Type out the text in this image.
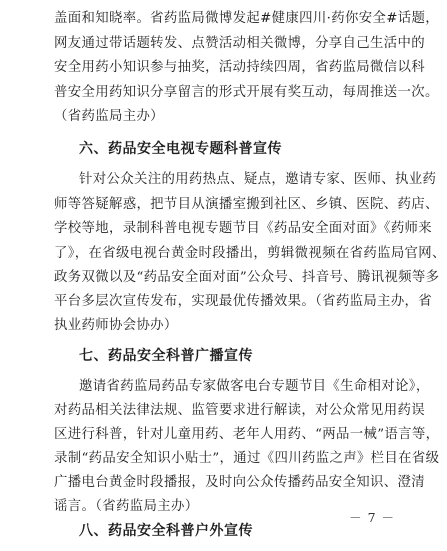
盖面和知晓率。省药监局微博发起#健康四川·药你安全#话题，
网友通过带话题转发、点赞活动相关微博，分享自己生活中的
安全用药小知识参与抽奖，活动持续四周，省药监局微信以科
普安全用药知识分享留言的形式开展有奖互动，每周推送一次。
（省药监局主办）
六、药品安全电视专题科普宣传
针对公众关注的用药热点、疑点，邀请专家、医师、执业药
师等答疑解惑，把节目从演播室搬到社区、乡镇、医院、药店、
学校等地，录制科普电视专题节目《药品安全面对面》《药师来
了》，在省级电视台黄金时段播出，剪辑微视频在省药监局官网、
政务双微以及“药品安全面对面”公众号、抖音号、腾讯视频等多
平台多层次宣传发布，实现最优传播效果。（省药监局主办，省
执业药师协会协办）
七、药品安全科普广播宣传
邀请省药监局药品专家做客电台专题节目《生命相对论》，
对药品相关法律法规、监管要求进行解读，对公众常见用药误
区进行科普，针对儿童用药、老年人用药、“两品一械”语言等，
录制“药品安全知识小贴士”，通过《四川药监之声》栏目在省级
广播电台黄金时段播报，及时向公众传播药品安全知识、澄清
谣言。（省药监局主办）
八、药品安全科普户外宣传
－ 7 －
